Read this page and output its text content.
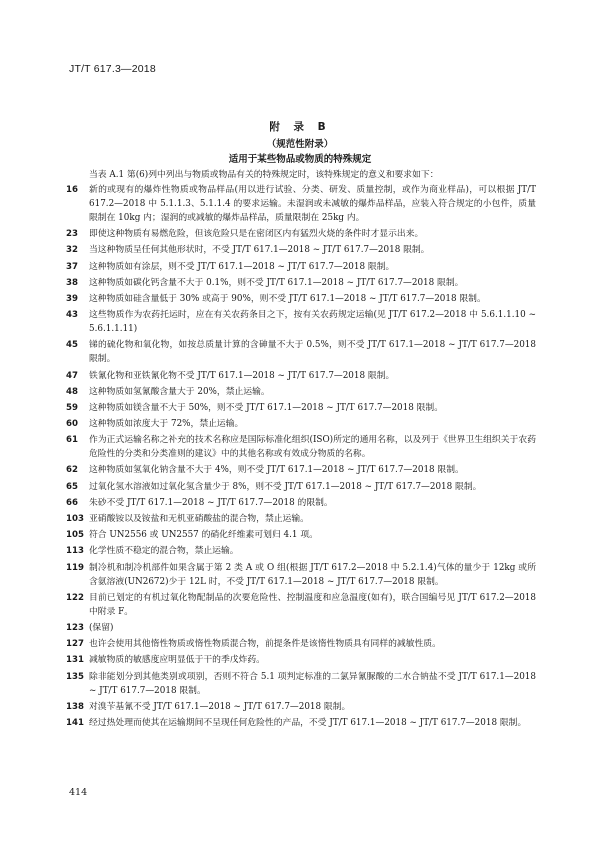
JT/T 617.3—2018
附 录 B
（规范性附录）
适用于某些物品或物质的特殊规定
当表 A.1 第(6)列中列出与物质或物品有关的特殊规定时，该特殊规定的意义和要求如下：
16	新的或现有的爆炸性物质或物品样品(用以进行试验、分类、研发、质量控制，或作为商业样品)，可以根据 JT/T 617.2—2018 中 5.1.1.3、5.1.1.4 的要求运输。未湿润或未减敏的爆炸品样品，应装入符合规定的小包件，质量限制在 10kg 内；湿润的或减敏的爆炸品样品，质量限制在 25kg 内。
23	即使这种物质有易燃危险，但该危险只是在密闭区内有猛烈火烧的条件时才显示出来。
32	当这种物质呈任何其他形状时，不受 JT/T 617.1—2018 ~ JT/T 617.7—2018 限制。
37	这种物质如有涂层，则不受 JT/T 617.1—2018 ~ JT/T 617.7—2018 限制。
38	这种物质如碳化钙含量不大于 0.1%，则不受 JT/T 617.1—2018 ~ JT/T 617.7—2018 限制。
39	这种物质如硅含量低于 30% 或高于 90%，则不受 JT/T 617.1—2018 ~ JT/T 617.7—2018 限制。
43	这些物质作为农药托运时，应在有关农药条目之下，按有关农药规定运输(见 JT/T 617.2—2018 中 5.6.1.1.10 ~ 5.6.1.1.11)
45	锑的硫化物和氧化物，如按总质量计算的含砷量不大于 0.5%，则不受 JT/T 617.1—2018 ~ JT/T 617.7—2018 限制。
47	铁氰化物和亚铁氰化物不受 JT/T 617.1—2018 ~ JT/T 617.7—2018 限制。
48	这种物质如氢氰酸含量大于 20%，禁止运输。
59	这种物质如镁含量不大于 50%，则不受 JT/T 617.1—2018 ~ JT/T 617.7—2018 限制。
60	这种物质如浓度大于 72%，禁止运输。
61	作为正式运输名称之补充的技术名称应是国际标准化组织(ISO)所定的通用名称，以及列于《世界卫生组织关于农药危险性的分类和分类准则的建议》中的其他名称或有效成分物质的名称。
62	这种物质如氢氧化钠含量不大于 4%，则不受 JT/T 617.1—2018 ~ JT/T 617.7—2018 限制。
65	过氧化氢水溶液如过氧化氢含量少于 8%，则不受 JT/T 617.1—2018 ~ JT/T 617.7—2018 限制。
66	朱砂不受 JT/T 617.1—2018 ~ JT/T 617.7—2018 的限制。
103 亚硝酸铵以及铵盐和无机亚硝酸盐的混合物，禁止运输。
105 符合 UN2556 或 UN2557 的硝化纤维素可划归 4.1 项。
113 化学性质不稳定的混合物，禁止运输。
119 制冷机和制冷机部件如果含属于第 2 类 A 或 O 组(根据 JT/T 617.2—2018 中 5.2.1.4)气体的量少于 12kg 或所含氨溶液(UN2672)少于 12L 时，不受 JT/T 617.1—2018 ~ JT/T 617.7—2018 限制。
122 目前已划定的有机过氧化物配制品的次要危险性、控制温度和应急温度(如有)，联合国编号见 JT/T 617.2—2018 中附录 F。
123 (保留)
127 也许会使用其他惰性物质或惰性物质混合物，前提条件是该惰性物质具有同样的减敏性质。
131 减敏物质的敏感度应明显低于干的季戊炸药。
135 除非能划分到其他类别或项别，否则不符合 5.1 项判定标准的二氯异氰脲酸的二水合钠盐不受 JT/T 617.1—2018 ~ JT/T 617.7—2018 限制。
138 对溴苄基氰不受 JT/T 617.1—2018 ~ JT/T 617.7—2018 限制。
141 经过热处理而使其在运输期间不呈现任何危险性的产品，不受 JT/T 617.1—2018 ~ JT/T 617.7—2018 限制。
414
